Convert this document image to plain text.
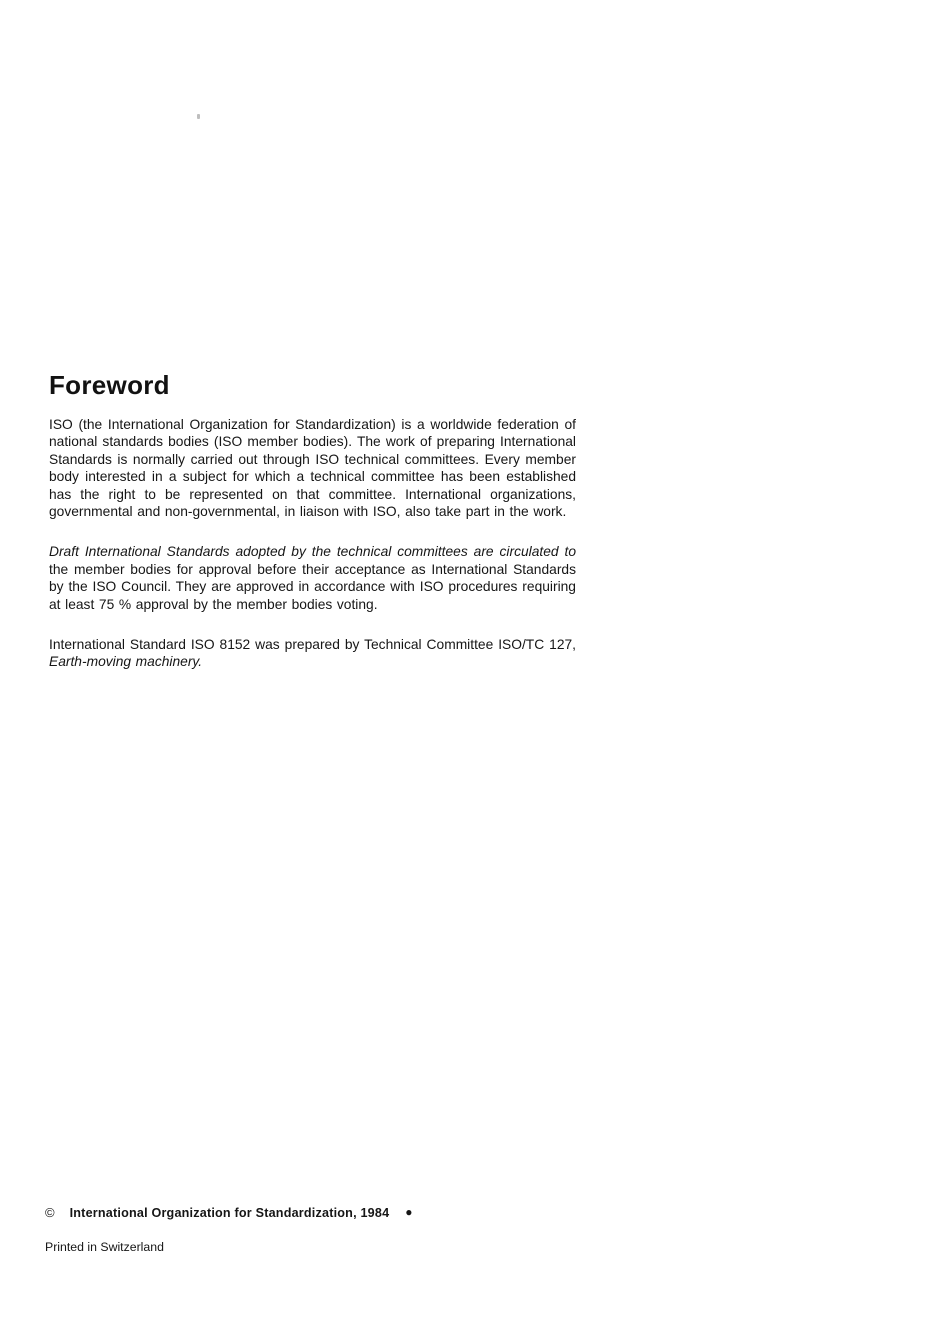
Foreword

ISO (the International Organization for Standardization) is a worldwide federation of national standards bodies (ISO member bodies). The work of preparing International Standards is normally carried out through ISO technical committees. Every member body interested in a subject for which a technical committee has been established has the right to be represented on that committee. International organizations, governmental and non-governmental, in liaison with ISO, also take part in the work.

Draft International Standards adopted by the technical committees are circulated to the member bodies for approval before their acceptance as International Standards by the ISO Council. They are approved in accordance with ISO procedures requiring at least 75 % approval by the member bodies voting.

International Standard ISO 8152 was prepared by Technical Committee ISO/TC 127, Earth-moving machinery.

© International Organization for Standardization, 1984 ●
Printed in Switzerland
